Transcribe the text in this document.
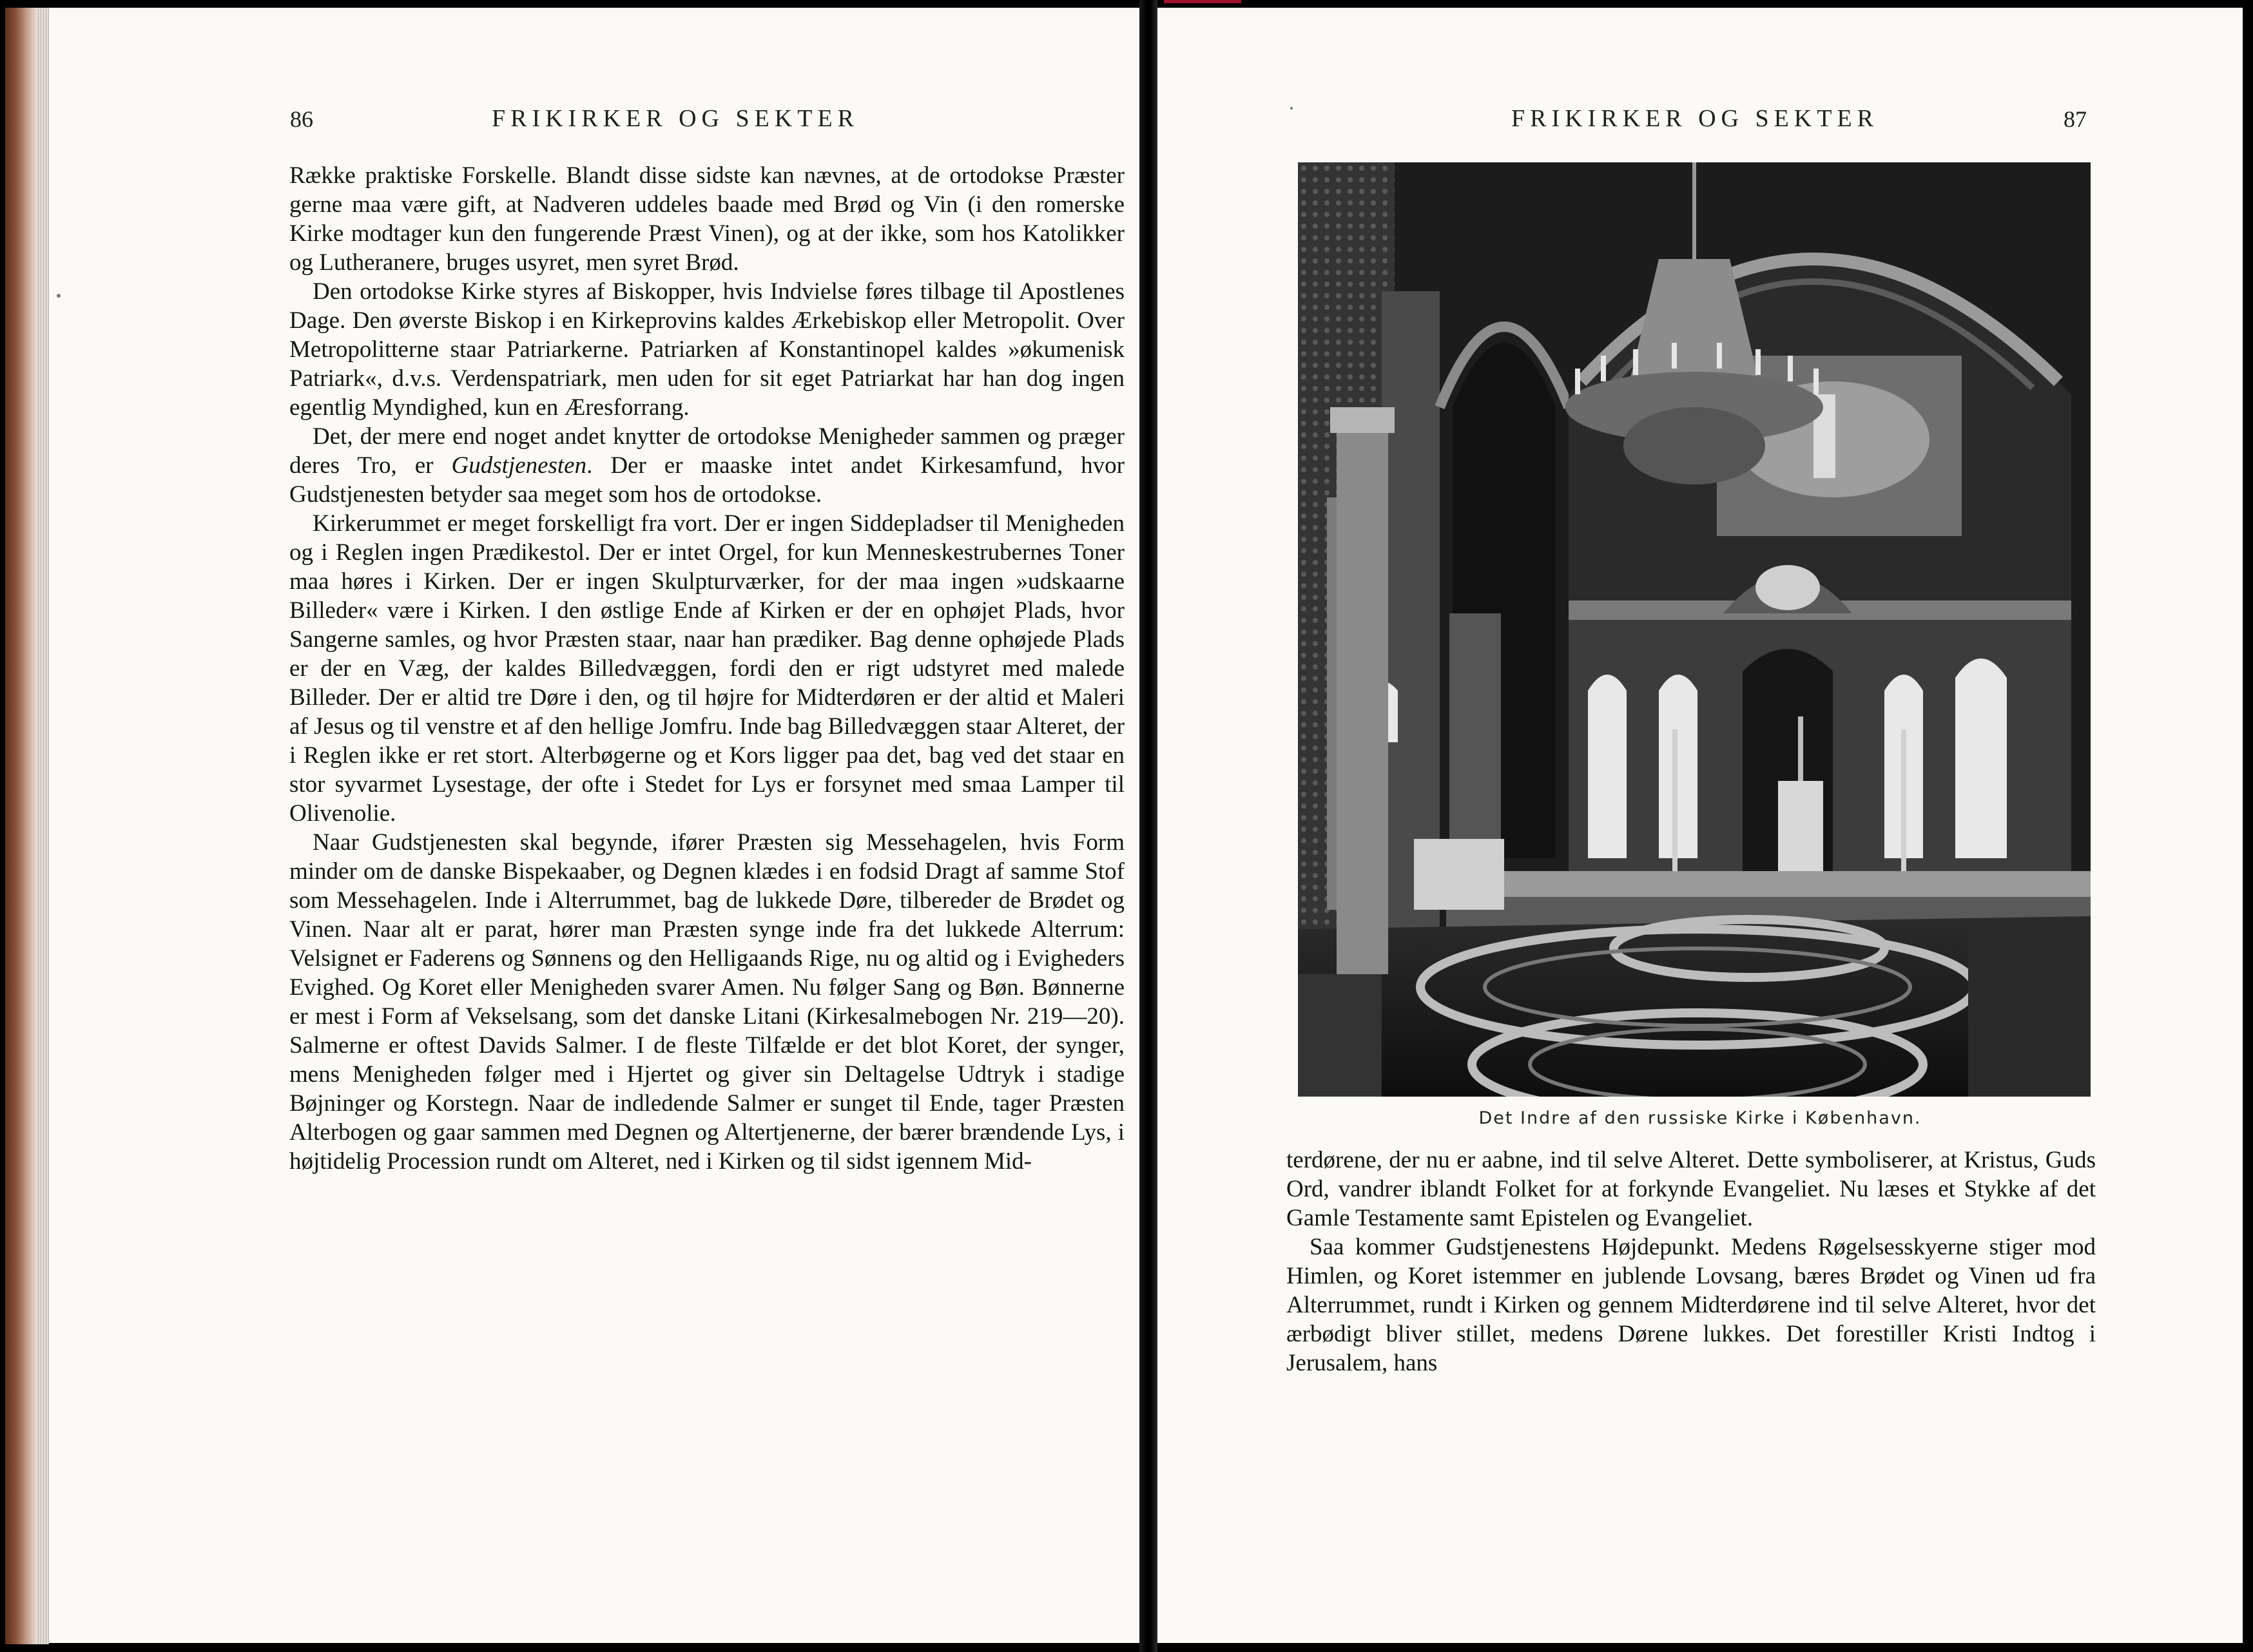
86	FRIKIRKER OG SEKTER

Række praktiske Forskelle. Blandt disse sidste kan nævnes, at de ortodokse Præster gerne maa være gift, at Nadveren uddeles baade med Brød og Vin (i den romerske Kirke modtager kun den fungerende Præst Vinen), og at der ikke, som hos Katolikker og Lutheranere, bruges usyret, men syret Brød.

Den ortodokse Kirke styres af Biskopper, hvis Indvielse føres tilbage til Apostlenes Dage. Den øverste Biskop i en Kirkeprovins kaldes Ærkebiskop eller Metropolit. Over Metropolitterne staar Patriarkerne. Patriarken af Konstantinopel kaldes »økumenisk Patriark«, d.v.s. Verdenspatriark, men uden for sit eget Patriarkat har han dog ingen egentlig Myndighed, kun en Æresforrang.

Det, der mere end noget andet knytter de ortodokse Menigheder sammen og præger deres Tro, er Gudstjenesten. Der er maaske intet andet Kirkesamfund, hvor Gudstjenesten betyder saa meget som hos de ortodokse.

Kirkerummet er meget forskelligt fra vort. Der er ingen Siddepladser til Menigheden og i Reglen ingen Prædikestol. Der er intet Orgel, for kun Menneskestrubernes Toner maa høres i Kirken. Der er ingen Skulpturværker, for der maa ingen »udskaarne Billeder« være i Kirken. I den østlige Ende af Kirken er der en ophøjet Plads, hvor Sangerne samles, og hvor Præsten staar, naar han prædiker. Bag denne ophøjede Plads er der en Væg, der kaldes Billedvæggen, fordi den er rigt udstyret med malede Billeder. Der er altid tre Døre i den, og til højre for Midterdøren er der altid et Maleri af Jesus og til venstre et af den hellige Jomfru. Inde bag Billedvæggen staar Alteret, der i Reglen ikke er ret stort. Alterbøgerne og et Kors ligger paa det, bag ved det staar en stor syvarmet Lysestage, der ofte i Stedet for Lys er forsynet med smaa Lamper til Olivenolie.

Naar Gudstjenesten skal begynde, ifører Præsten sig Messehagelen, hvis Form minder om de danske Bispekaaber, og Degnen klædes i en fodsid Dragt af samme Stof som Messehagelen. Inde i Alterrummet, bag de lukkede Døre, tilbereder de Brødet og Vinen. Naar alt er parat, hører man Præsten synge inde fra det lukkede Alterrum: Velsignet er Faderens og Sønnens og den Helligaands Rige, nu og altid og i Evigheders Evighed. Og Koret eller Menigheden svarer Amen. Nu følger Sang og Bøn. Bønnerne er mest i Form af Vekselsang, som det danske Litani (Kirkesalmebogen Nr. 219—20). Salmerne er oftest Davids Salmer. I de fleste Tilfælde er det blot Koret, der synger, mens Menigheden følger med i Hjertet og giver sin Deltagelse Udtryk i stadige Bøjninger og Korstegn. Naar de indledende Salmer er sunget til Ende, tager Præsten Alterbogen og gaar sammen med Degnen og Altertjenerne, der bærer brændende Lys, i højtidelig Procession rundt om Alteret, ned i Kirken og til sidst igennem Mid-

FRIKIRKER OG SEKTER	87
Det Indre af den russiske Kirke i København.

terdørene, der nu er aabne, ind til selve Alteret. Dette symboliserer, at Kristus, Guds Ord, vandrer iblandt Folket for at forkynde Evangeliet. Nu læses et Stykke af det Gamle Testamente samt Epistelen og Evangeliet.

Saa kommer Gudstjenestens Højdepunkt. Medens Røgelsesskyerne stiger mod Himlen, og Koret istemmer en jublende Lovsang, bæres Brødet og Vinen ud fra Alterrummet, rundt i Kirken og gennem Midterdørene ind til selve Alteret, hvor det ærbødigt bliver stillet, medens Dørene lukkes. Det forestiller Kristi Indtog i Jerusalem, hans
